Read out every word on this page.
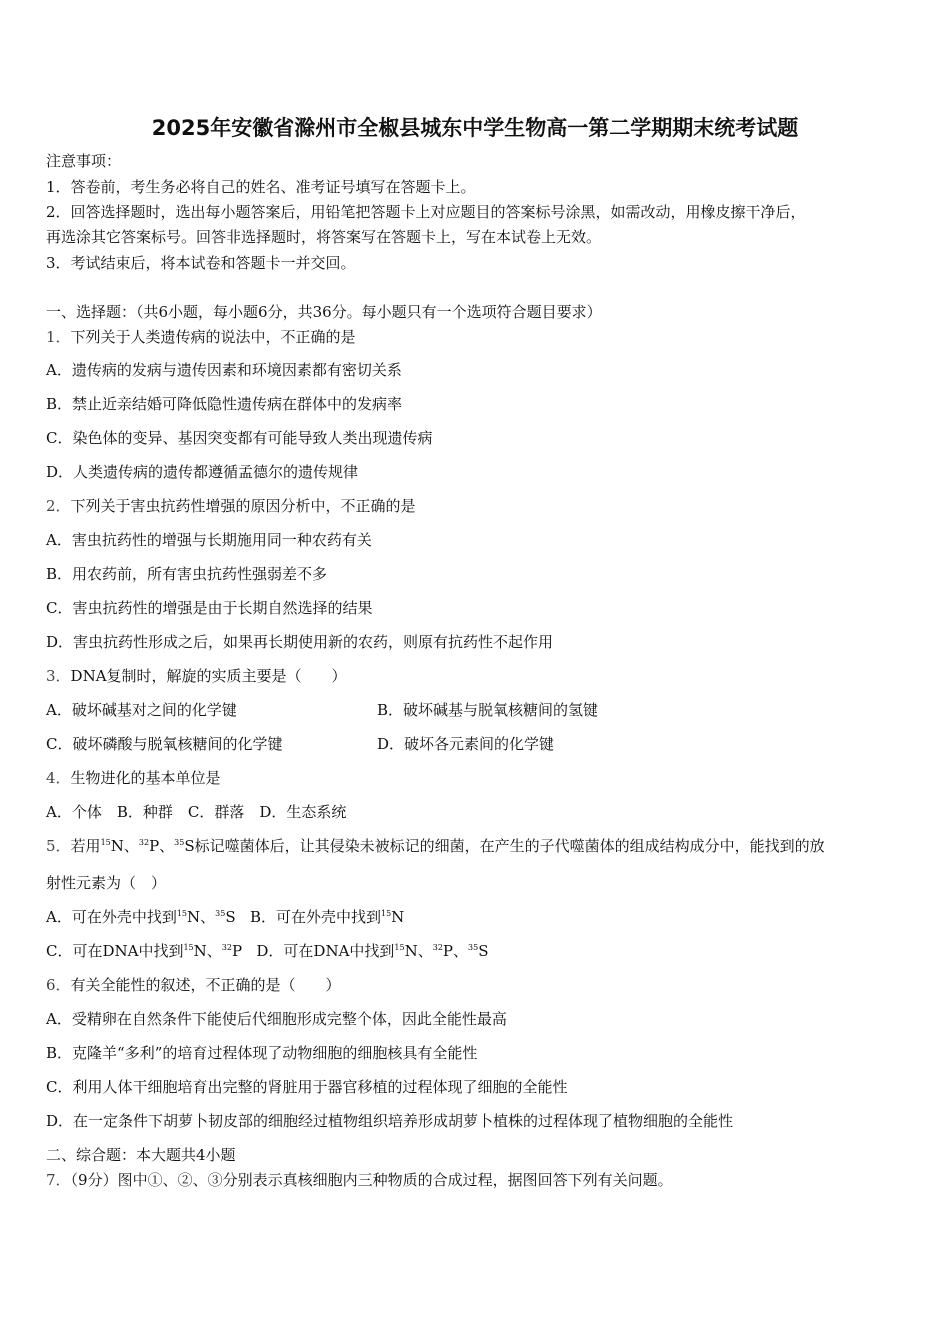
2025年安徽省滁州市全椒县城东中学生物高一第二学期期末统考试题
注意事项：
1．答卷前，考生务必将自己的姓名、准考证号填写在答题卡上。
2．回答选择题时，选出每小题答案后，用铅笔把答题卡上对应题目的答案标号涂黑，如需改动，用橡皮擦干净后，
再选涂其它答案标号。回答非选择题时，将答案写在答题卡上，写在本试卷上无效。
3．考试结束后，将本试卷和答题卡一并交回。
一、选择题：（共6小题，每小题6分，共36分。每小题只有一个选项符合题目要求）
1．下列关于人类遗传病的说法中，不正确的是
A．遗传病的发病与遗传因素和环境因素都有密切关系
B．禁止近亲结婚可降低隐性遗传病在群体中的发病率
C．染色体的变异、基因突变都有可能导致人类出现遗传病
D．人类遗传病的遗传都遵循孟德尔的遗传规律
2．下列关于害虫抗药性增强的原因分析中，不正确的是
A．害虫抗药性的增强与长期施用同一种农药有关
B．用农药前，所有害虫抗药性强弱差不多
C．害虫抗药性的增强是由于长期自然选择的结果
D．害虫抗药性形成之后，如果再长期使用新的农药，则原有抗药性不起作用
3．DNA复制时，解旋的实质主要是（　　）
A．破坏碱基对之间的化学键	B．破坏碱基与脱氧核糖间的氢键
C．破坏磷酸与脱氧核糖间的化学键	D．破坏各元素间的化学键
4．生物进化的基本单位是
A．个体　B．种群　C．群落　D．生态系统
5．若用$^{15}$N、$^{32}$P、$^{35}$S标记噬菌体后，让其侵染未被标记的细菌，在产生的子代噬菌体的组成结构成分中，能找到的放
射性元素为（　）
A．可在外壳中找到$^{15}$N、$^{35}$S B．可在外壳中找到$^{15}$N
C．可在DNA中找到$^{15}$N、$^{32}$P D．可在DNA中找到$^{15}$N、$^{32}$P、$^{35}$S
6．有关全能性的叙述，不正确的是（　　）
A．受精卵在自然条件下能使后代细胞形成完整个体，因此全能性最高
B．克隆羊“多利”的培育过程体现了动物细胞的细胞核具有全能性
C．利用人体干细胞培育出完整的肾脏用于器官移植的过程体现了细胞的全能性
D．在一定条件下胡萝卜韧皮部的细胞经过植物组织培养形成胡萝卜植株的过程体现了植物细胞的全能性
二、综合题：本大题共4小题
7．（9分）图中①、②、③分别表示真核细胞内三种物质的合成过程，据图回答下列有关问题。
